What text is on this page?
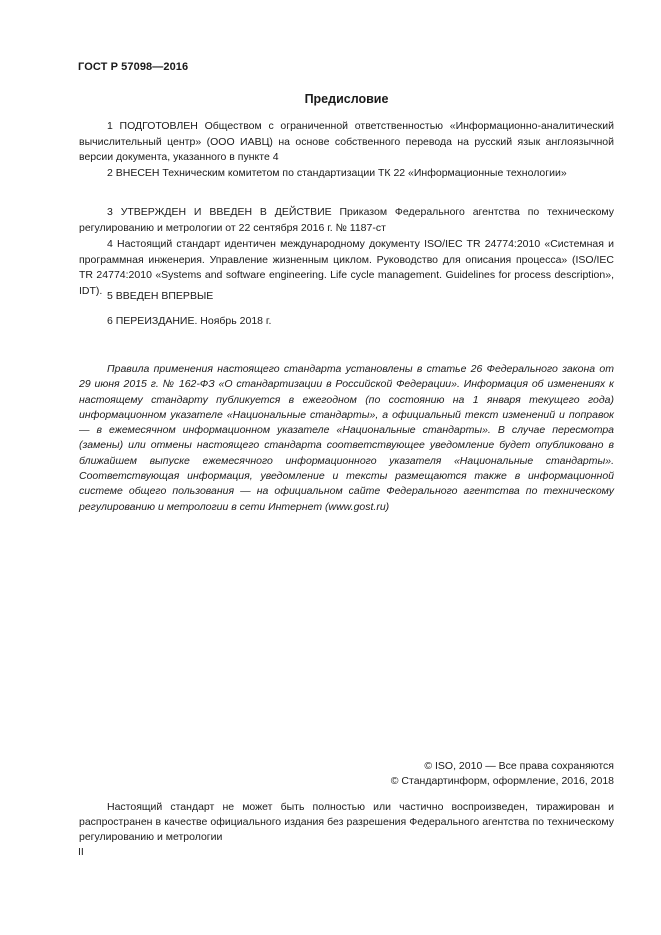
ГОСТ Р 57098—2016
Предисловие

1 ПОДГОТОВЛЕН Обществом с ограниченной ответственностью «Информационно-аналитический вычислительный центр» (ООО ИАВЦ) на основе собственного перевода на русский язык англоязычной версии документа, указанного в пункте 4

2 ВНЕСЕН Техническим комитетом по стандартизации ТК 22 «Информационные технологии»

3 УТВЕРЖДЕН И ВВЕДЕН В ДЕЙСТВИЕ Приказом Федерального агентства по техническому регулированию и метрологии от 22 сентября 2016 г. № 1187-ст

4 Настоящий стандарт идентичен международному документу ISO/IEC TR 24774:2010 «Системная и программная инженерия. Управление жизненным циклом. Руководство для описания процесса» (ISO/IEC TR 24774:2010 «Systems and software engineering. Life cycle management. Guidelines for process description», IDT). 5 ВВЕДЕН ВПЕРВЫЕ

6 ПЕРЕИЗДАНИЕ. Ноябрь 2018 г.

Правила применения настоящего стандарта установлены в статье 26 Федерального закона от 29 июня 2015 г. № 162-ФЗ «О стандартизации в Российской Федерации». Информация об изменениях к настоящему стандарту публикуется в ежегодном (по состоянию на 1 января текущего года) информационном указателе «Национальные стандарты», а официальный текст изменений и поправок — в ежемесячном информационном указателе «Национальные стандарты». В случае пересмотра (замены) или отмены настоящего стандарта соответствующее уведомление будет опубликовано в ближайшем выпуске ежемесячного информационного указателя «Национальные стандарты». Соответствующая информация, уведомление и тексты размещаются также в информационной системе общего пользования — на официальном сайте Федерального агентства по техническому регулированию и метрологии в сети Интернет (www.gost.ru)

© ISO, 2010 — Все права сохраняются
© Стандартинформ, оформление, 2016, 2018

Настоящий стандарт не может быть полностью или частично воспроизведен, тиражирован и распространен в качестве официального издания без разрешения Федерального агентства по техническому регулированию и метрологии

II
